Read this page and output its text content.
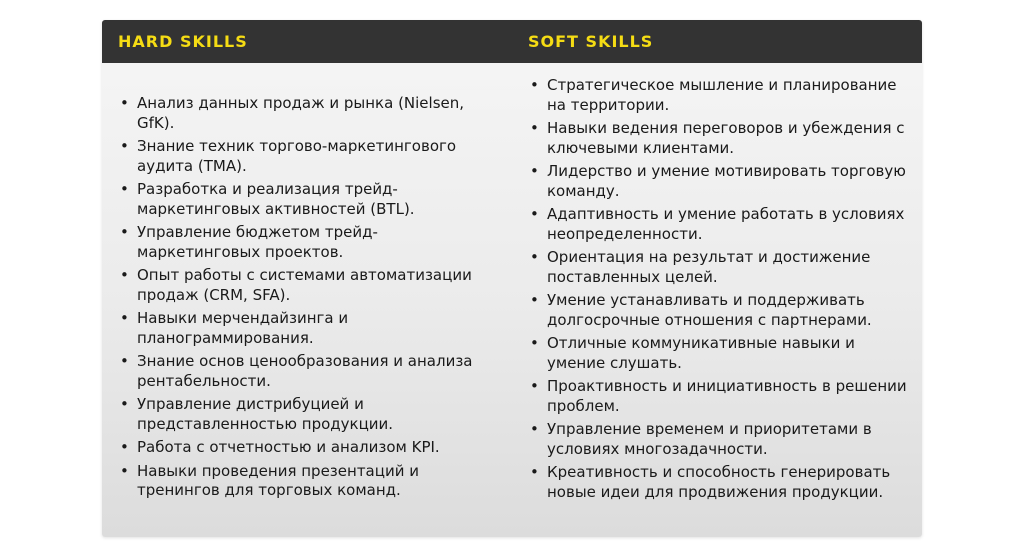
HARD SKILLS	SOFT SKILLS
• Анализ данных продаж и рынка (Nielsen, GfK).
• Знание техник торгово-маркетингового аудита (TMA).
• Разработка и реализация трейд-маркетинговых активностей (BTL).
• Управление бюджетом трейд-маркетинговых проектов.
• Опыт работы с системами автоматизации продаж (CRM, SFA).
• Навыки мерчендайзинга и планограммирования.
• Знание основ ценообразования и анализа рентабельности.
• Управление дистрибуцией и представленностью продукции.
• Работа с отчетностью и анализом KPI.
• Навыки проведения презентаций и тренингов для торговых команд.
• Стратегическое мышление и планирование на территории.
• Навыки ведения переговоров и убеждения с ключевыми клиентами.
• Лидерство и умение мотивировать торговую команду.
• Адаптивность и умение работать в условиях неопределенности.
• Ориентация на результат и достижение поставленных целей.
• Умение устанавливать и поддерживать долгосрочные отношения с партнерами.
• Отличные коммуникативные навыки и умение слушать.
• Проактивность и инициативность в решении проблем.
• Управление временем и приоритетами в условиях многозадачности.
• Креативность и способность генерировать новые идеи для продвижения продукции.
